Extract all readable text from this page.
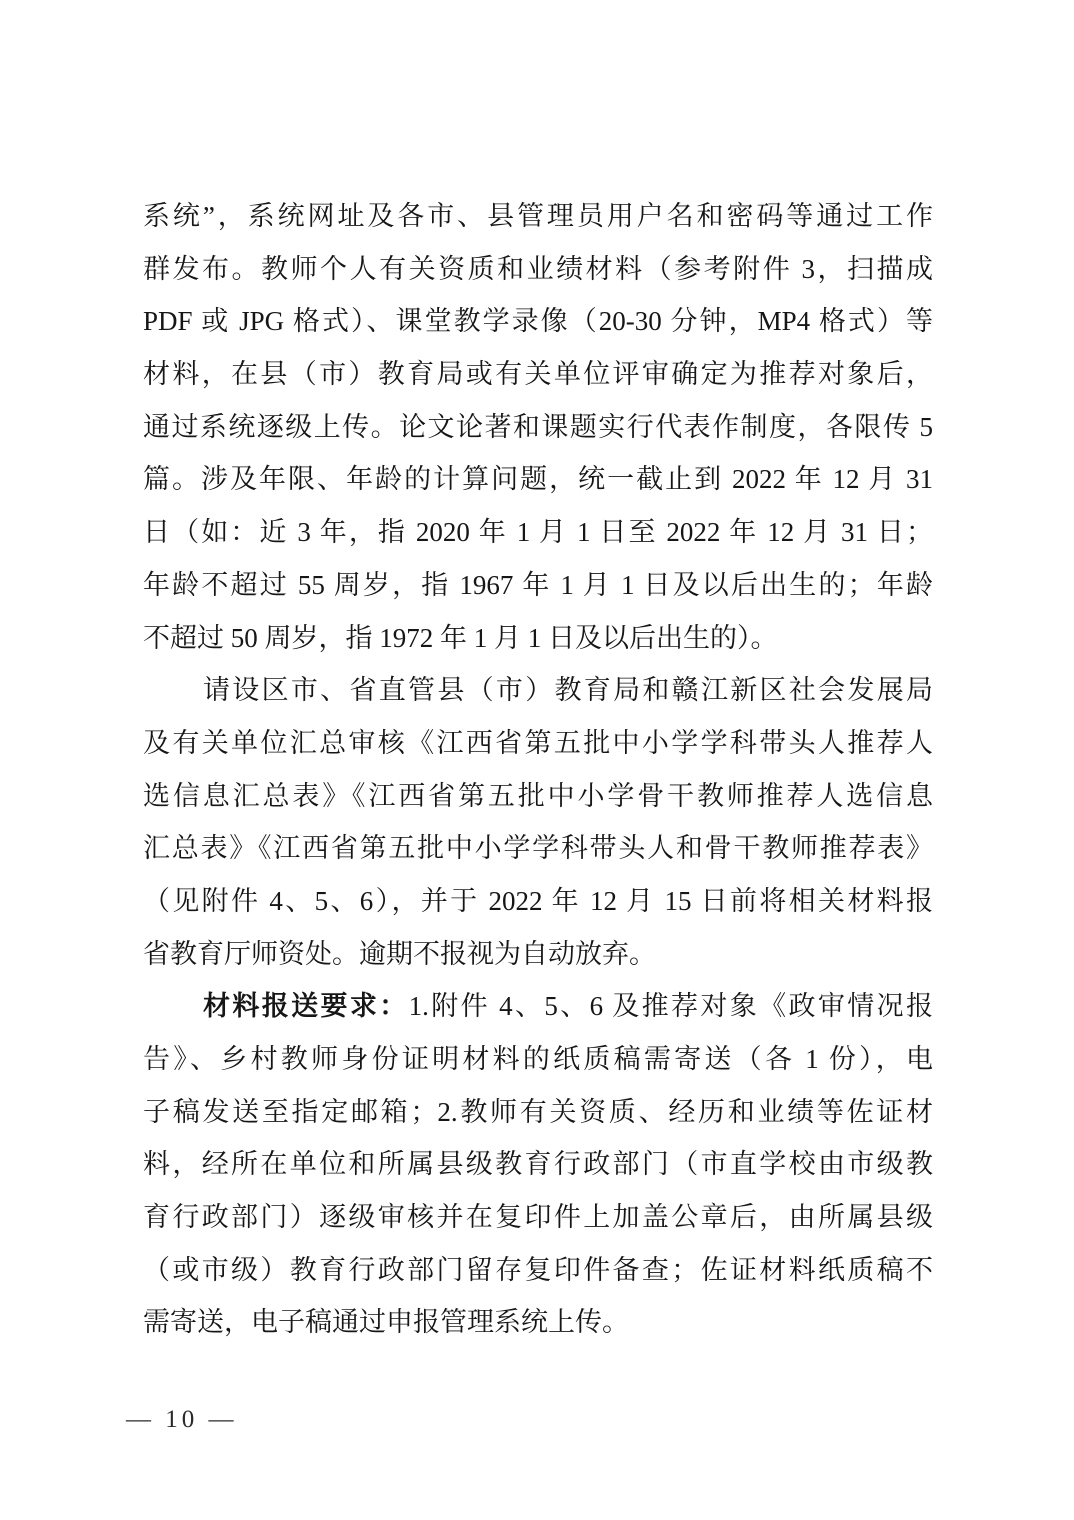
系统”，系统网址及各市、县管理员用户名和密码等通过工作
群发布。教师个人有关资质和业绩材料（参考附件 3，扫描成
PDF 或 JPG 格式）、课堂教学录像（20-30 分钟，MP4 格式）等
材料，在县（市）教育局或有关单位评审确定为推荐对象后，
通过系统逐级上传。论文论著和课题实行代表作制度，各限传 5
篇。涉及年限、年龄的计算问题，统一截止到 2022 年 12 月 31
日（如：近 3 年，指 2020 年 1 月 1 日至 2022 年 12 月 31 日；
年龄不超过 55 周岁，指 1967 年 1 月 1 日及以后出生的；年龄
不超过 50 周岁，指 1972 年 1 月 1 日及以后出生的）。
请设区市、省直管县（市）教育局和赣江新区社会发展局
及有关单位汇总审核《江西省第五批中小学学科带头人推荐人
选信息汇总表》《江西省第五批中小学骨干教师推荐人选信息
汇总表》《江西省第五批中小学学科带头人和骨干教师推荐表》
（见附件 4、5、6），并于 2022 年 12 月 15 日前将相关材料报
省教育厅师资处。逾期不报视为自动放弃。
材料报送要求：1.附件 4、5、6 及推荐对象《政审情况报
告》、乡村教师身份证明材料的纸质稿需寄送（各 1 份），电
子稿发送至指定邮箱；2.教师有关资质、经历和业绩等佐证材
料，经所在单位和所属县级教育行政部门（市直学校由市级教
育行政部门）逐级审核并在复印件上加盖公章后，由所属县级
（或市级）教育行政部门留存复印件备查；佐证材料纸质稿不
需寄送，电子稿通过申报管理系统上传。
— 10 —
